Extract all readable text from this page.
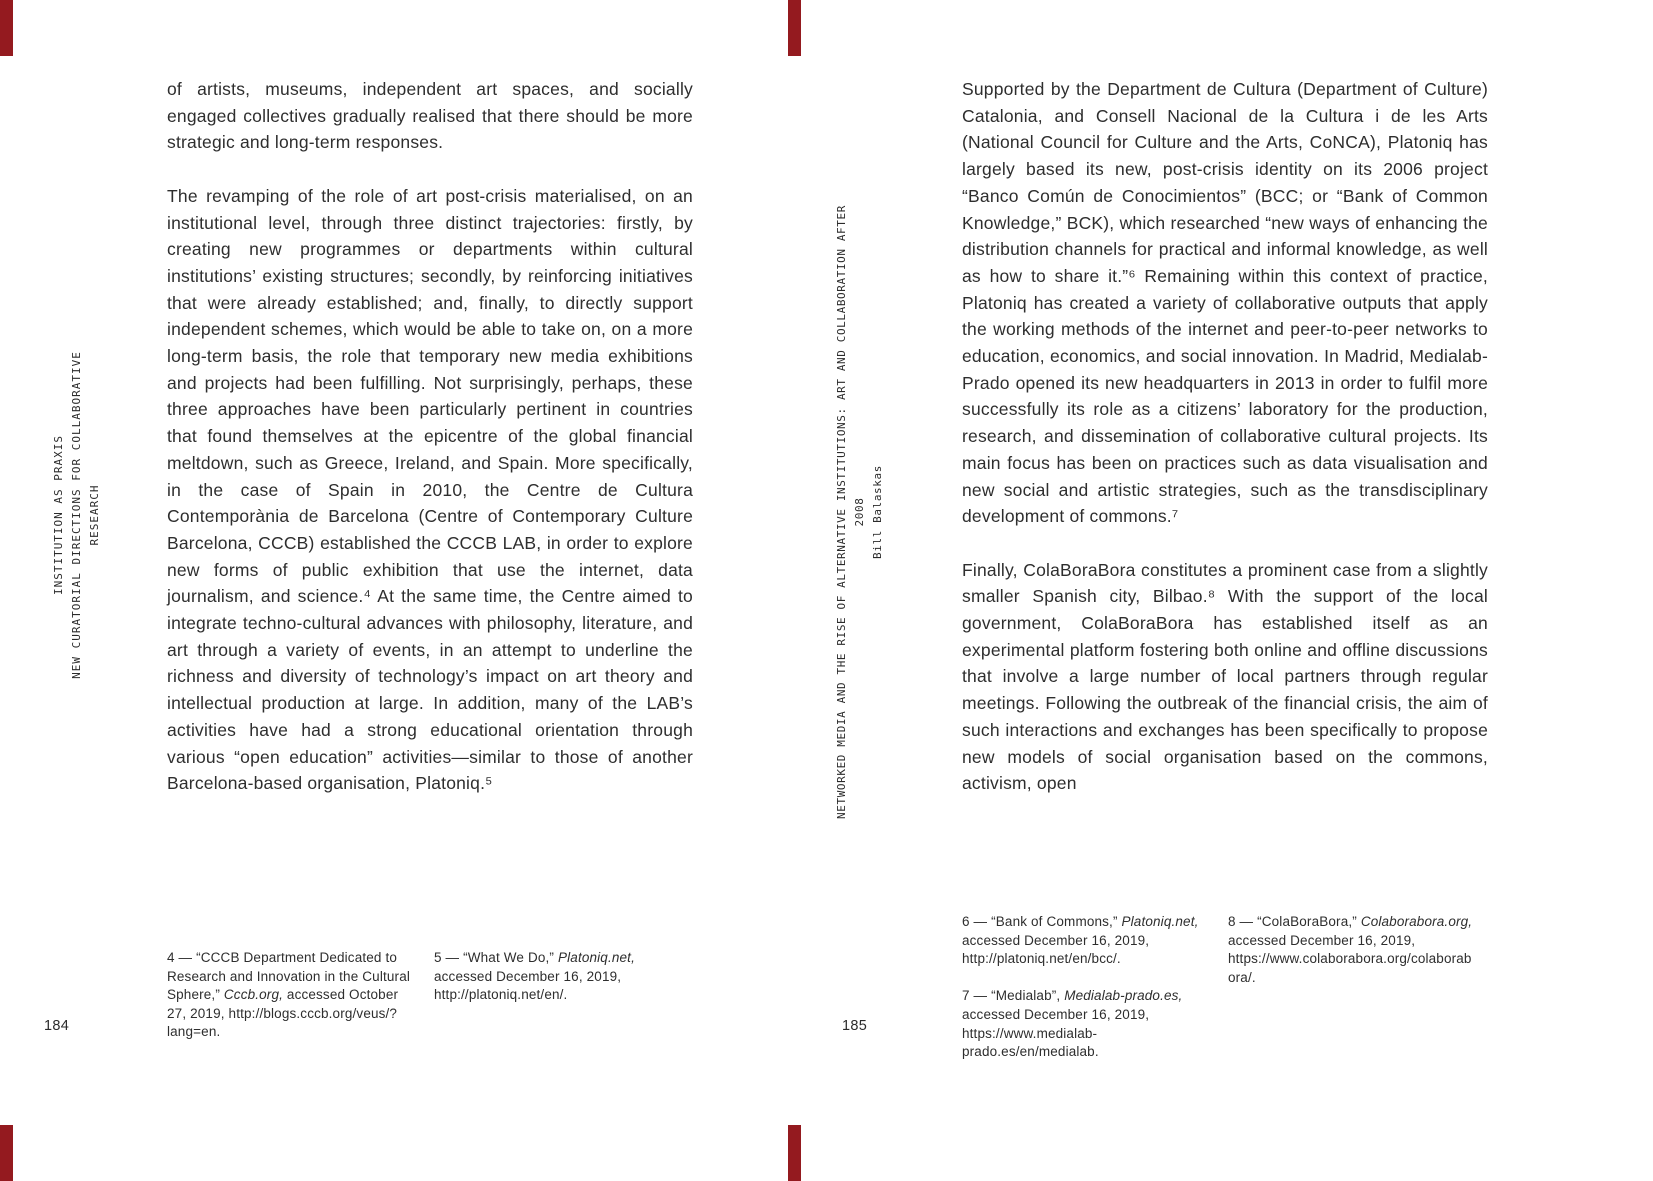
INSTITUTION AS PRAXIS NEW CURATORIAL DIRECTIONS FOR COLLABORATIVE RESEARCH	NETWORKED MEDIA AND THE RISE OF ALTERNATIVE INSTITUTIONS: ART AND COLLABORATION AFTER 2008 Bill Balaskas

of artists, museums, independent art spaces, and socially engaged collectives gradually realised that there should be more strategic and long-term responses.

The revamping of the role of art post-crisis materialised, on an institutional level, through three distinct trajectories: firstly, by creating new programmes or departments within cultural institutions’ existing structures; secondly, by reinforcing initiatives that were already established; and, finally, to directly support independent schemes, which would be able to take on, on a more long-term basis, the role that temporary new media exhibitions and projects had been fulfilling. Not surprisingly, perhaps, these three approaches have been particularly pertinent in countries that found themselves at the epicentre of the global financial meltdown, such as Greece, Ireland, and Spain. More specifically, in the case of Spain in 2010, the Centre de Cultura Contemporània de Barcelona (Centre of Contemporary Culture Barcelona, CCCB) established the CCCB LAB, in order to explore new forms of public exhibition that use the internet, data journalism, and science.⁴ At the same time, the Centre aimed to integrate techno-cultural advances with philosophy, literature, and art through a variety of events, in an attempt to underline the richness and diversity of technology’s impact on art theory and intellectual production at large. In addition, many of the LAB’s activities have had a strong educational orientation through various “open education” activities—similar to those of another Barcelona-based organisation, Platoniq.⁵

Supported by the Department de Cultura (Department of Culture) Catalonia, and Consell Nacional de la Cultura i de les Arts (National Council for Culture and the Arts, CoNCA), Platoniq has largely based its new, post-crisis identity on its 2006 project “Banco Común de Conocimientos” (BCC; or “Bank of Common Knowledge,” BCK), which researched “new ways of enhancing the distribution channels for practical and informal knowledge, as well as how to share it.”⁶ Remaining within this context of practice, Platoniq has created a variety of collaborative outputs that apply the working methods of the internet and peer-to-peer networks to education, economics, and social innovation. In Madrid, Medialab-Prado opened its new headquarters in 2013 in order to fulfil more successfully its role as a citizens’ laboratory for the production, research, and dissemination of collaborative cultural projects. Its main focus has been on practices such as data visualisation and new social and artistic strategies, such as the transdisciplinary development of commons.⁷

Finally, ColaBoraBora constitutes a prominent case from a slightly smaller Spanish city, Bilbao.⁸ With the support of the local government, ColaBoraBora has established itself as an experimental platform fostering both online and offline discussions that involve a large number of local partners through regular meetings. Following the outbreak of the financial crisis, the aim of such interactions and exchanges has been specifically to propose new models of social organisation based on the commons, activism, open

4 — “CCCB Department Dedicated to Research and Innovation in the Cultural Sphere,” Cccb.org, accessed October 27, 2019, http://blogs.cccb.org/veus/?lang=en.

5 — “What We Do,” Platoniq.net, accessed December 16, 2019, http://platoniq.net/en/.

6 — “Bank of Commons,” Platoniq.net, accessed December 16, 2019, http://platoniq.net/en/bcc/.

7 — “Medialab”, Medialab-prado.es, accessed December 16, 2019, https://www.medialab-prado.es/en/medialab.

8 — “ColaBoraBora,” Colaborabora.org, accessed December 16, 2019, https://www.colaborabora.org/colaborabora/.

184	185
